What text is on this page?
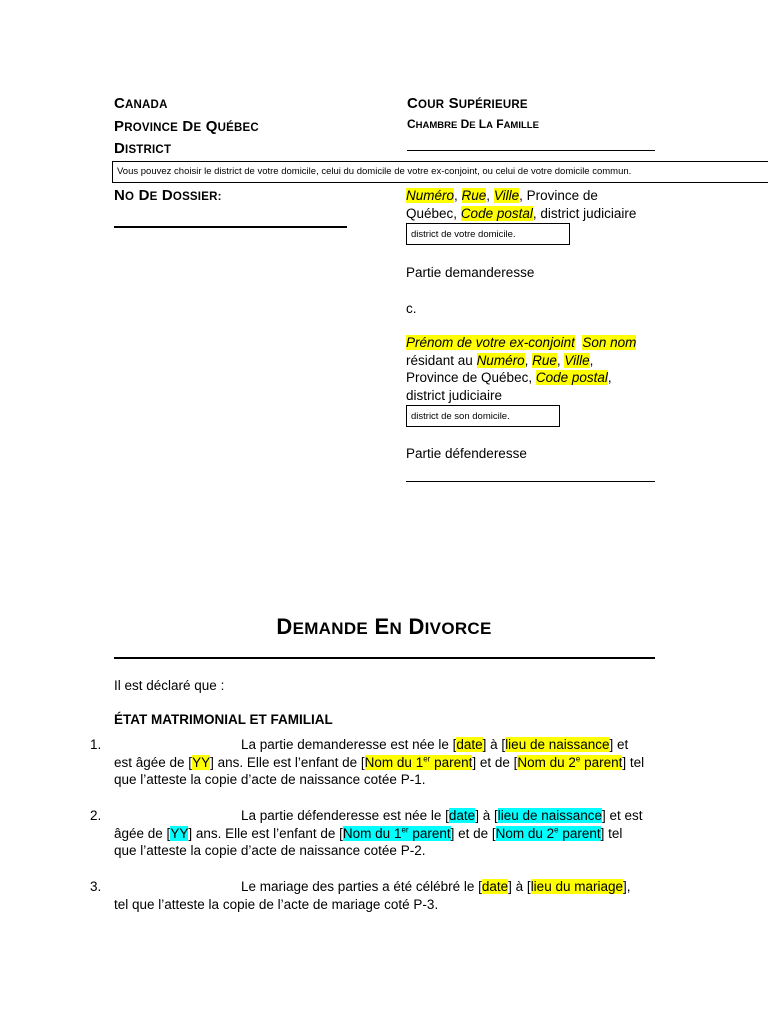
CANADA
PROVINCE DE QUÉBEC
DISTRICT
COUR SUPÉRIEURE
CHAMBRE DE LA FAMILLE
Vous pouvez choisir le district de votre domicile, celui du domicile de votre ex-conjoint, ou celui de votre domicile commun.
NO DE DOSSIER:	Numéro, Rue, Ville, Province de
Québec, Code postal, district judiciaire
district de votre domicile.
Partie demanderesse
c.
Prénom de votre ex-conjoint Son nom
résidant au Numéro, Rue, Ville,
Province de Québec, Code postal,
district judiciaire
district de son domicile.
Partie défenderesse
DEMANDE EN DIVORCE
Il est déclaré que :
ÉTAT MATRIMONIAL ET FAMILIAL
1.	La partie demanderesse est née le [date] à [lieu de naissance] et
est âgée de [YY] ans. Elle est l’enfant de [Nom du 1er parent] et de [Nom du 2e parent] tel
que l’atteste la copie d’acte de naissance cotée P-1.
2.	La partie défenderesse est née le [date] à [lieu de naissance] et est
âgée de [YY] ans. Elle est l’enfant de [Nom du 1er parent] et de [Nom du 2e parent] tel
que l’atteste la copie d’acte de naissance cotée P-2.
3.	Le mariage des parties a été célébré le [date] à [lieu du mariage],
tel que l’atteste la copie de l’acte de mariage coté P-3.
